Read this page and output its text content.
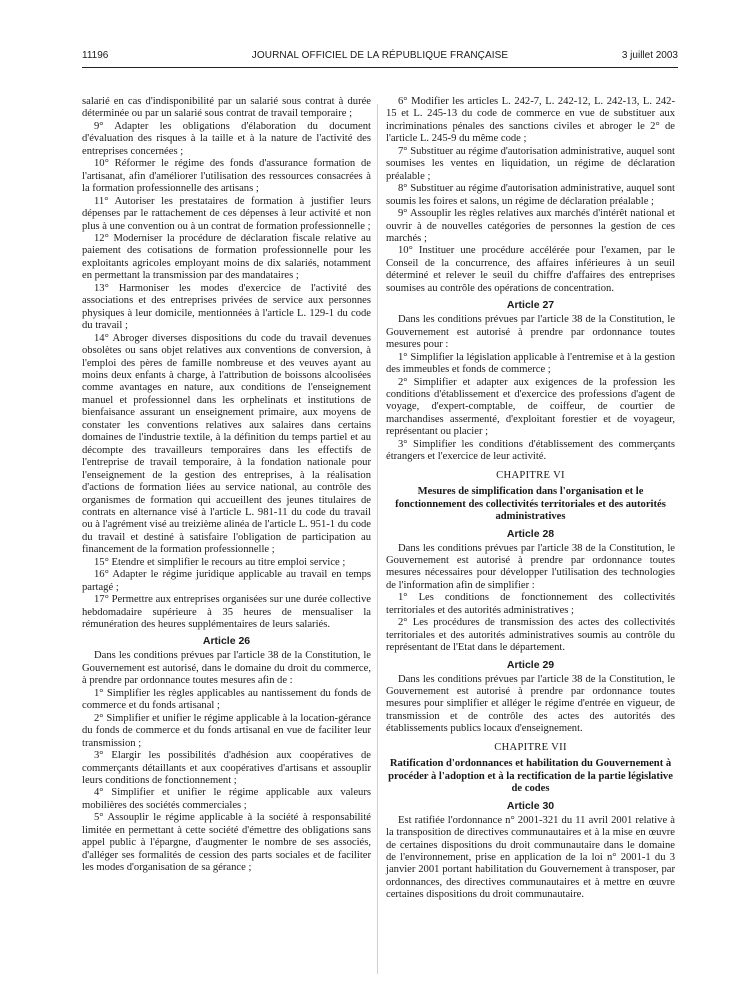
11196	JOURNAL OFFICIEL DE LA RÉPUBLIQUE FRANÇAISE	3 juillet 2003

salarié en cas d'indisponibilité par un salarié sous contrat à durée déterminée ou par un salarié sous contrat de travail temporaire ;

9° Adapter les obligations d'élaboration du document d'évaluation des risques à la taille et à la nature de l'activité des entreprises concernées ;

10° Réformer le régime des fonds d'assurance formation de l'artisanat, afin d'améliorer l'utilisation des ressources consacrées à la formation professionnelle des artisans ;

11° Autoriser les prestataires de formation à justifier leurs dépenses par le rattachement de ces dépenses à leur activité et non plus à une convention ou à un contrat de formation professionnelle ;

12° Moderniser la procédure de déclaration fiscale relative au paiement des cotisations de formation professionnelle pour les exploitants agricoles employant moins de dix salariés, notamment en permettant la transmission par des mandataires ;

13° Harmoniser les modes d'exercice de l'activité des associations et des entreprises privées de service aux personnes physiques à leur domicile, mentionnées à l'article L. 129-1 du code du travail ;

14° Abroger diverses dispositions du code du travail devenues obsolètes ou sans objet relatives aux conventions de conversion, à l'emploi des pères de famille nombreuse et des veuves ayant au moins deux enfants à charge, à l'attribution de boissons alcoolisées comme avantages en nature, aux conditions de l'enseignement manuel et professionnel dans les orphelinats et institutions de bienfaisance assurant un enseignement primaire, aux moyens de constater les conventions relatives aux salaires dans certains domaines de l'industrie textile, à la définition du temps partiel et au décompte des travailleurs temporaires dans les effectifs de l'entreprise de travail temporaire, à la fondation nationale pour l'enseignement de la gestion des entreprises, à la réalisation d'actions de formation liées au service national, au contrôle des organismes de formation qui accueillent des jeunes titulaires de contrats en alternance visé à l'article L. 981-11 du code du travail ou à l'agrément visé au treizième alinéa de l'article L. 951-1 du code du travail et destiné à satisfaire l'obligation de participation au financement de la formation professionnelle ;

15° Etendre et simplifier le recours au titre emploi service ;

16° Adapter le régime juridique applicable au travail en temps partagé ;

17° Permettre aux entreprises organisées sur une durée collective hebdomadaire supérieure à 35 heures de mensualiser la rémunération des heures supplémentaires de leurs salariés.

Article 26

Dans les conditions prévues par l'article 38 de la Constitution, le Gouvernement est autorisé, dans le domaine du droit du commerce, à prendre par ordonnance toutes mesures afin de :

1° Simplifier les règles applicables au nantissement du fonds de commerce et du fonds artisanal ;

2° Simplifier et unifier le régime applicable à la location-gérance du fonds de commerce et du fonds artisanal en vue de faciliter leur transmission ;

3° Elargir les possibilités d'adhésion aux coopératives de commerçants détaillants et aux coopératives d'artisans et assouplir leurs conditions de fonctionnement ;

4° Simplifier et unifier le régime applicable aux valeurs mobilières des sociétés commerciales ;

5° Assouplir le régime applicable à la société à responsabilité limitée en permettant à cette société d'émettre des obligations sans appel public à l'épargne, d'augmenter le nombre de ses associés, d'alléger ses formalités de cession des parts sociales et de faciliter les modes d'organisation de sa gérance ;

6° Modifier les articles L. 242-7, L. 242-12, L. 242-13, L. 242-15 et L. 245-13 du code de commerce en vue de substituer aux incriminations pénales des sanctions civiles et abroger le 2° de l'article L. 245-9 du même code ;

7° Substituer au régime d'autorisation administrative, auquel sont soumises les ventes en liquidation, un régime de déclaration préalable ;

8° Substituer au régime d'autorisation administrative, auquel sont soumis les foires et salons, un régime de déclaration préalable ;

9° Assouplir les règles relatives aux marchés d'intérêt national et ouvrir à de nouvelles catégories de personnes la gestion de ces marchés ;

10° Instituer une procédure accélérée pour l'examen, par le Conseil de la concurrence, des affaires inférieures à un seuil déterminé et relever le seuil du chiffre d'affaires des entreprises soumises au contrôle des opérations de concentration.

Article 27

Dans les conditions prévues par l'article 38 de la Constitution, le Gouvernement est autorisé à prendre par ordonnance toutes mesures pour :

1° Simplifier la législation applicable à l'entremise et à la gestion des immeubles et fonds de commerce ;

2° Simplifier et adapter aux exigences de la profession les conditions d'établissement et d'exercice des professions d'agent de voyage, d'expert-comptable, de coiffeur, de courtier de marchandises assermenté, d'exploitant forestier et de voyageur, représentant ou placier ;

3° Simplifier les conditions d'établissement des commerçants étrangers et l'exercice de leur activité.

CHAPITRE VI
Mesures de simplification dans l'organisation et le fonctionnement des collectivités territoriales et des autorités administratives
Article 28

Dans les conditions prévues par l'article 38 de la Constitution, le Gouvernement est autorisé à prendre par ordonnance toutes mesures nécessaires pour développer l'utilisation des technologies de l'information afin de simplifier :

1° Les conditions de fonctionnement des collectivités territoriales et des autorités administratives ;

2° Les procédures de transmission des actes des collectivités territoriales et des autorités administratives soumis au contrôle du représentant de l'Etat dans le département.

Article 29

Dans les conditions prévues par l'article 38 de la Constitution, le Gouvernement est autorisé à prendre par ordonnance toutes mesures pour simplifier et alléger le régime d'entrée en vigueur, de transmission et de contrôle des actes des autorités des établissements publics locaux d'enseignement.

CHAPITRE VII
Ratification d'ordonnances et habilitation du Gouvernement à procéder à l'adoption et à la rectification de la partie législative de codes
Article 30

Est ratifiée l'ordonnance n° 2001-321 du 11 avril 2001 relative à la transposition de directives communautaires et à la mise en œuvre de certaines dispositions du droit communautaire dans le domaine de l'environnement, prise en application de la loi n° 2001-1 du 3 janvier 2001 portant habilitation du Gouvernement à transposer, par ordonnances, des directives communautaires et à mettre en œuvre certaines dispositions du droit communautaire.
